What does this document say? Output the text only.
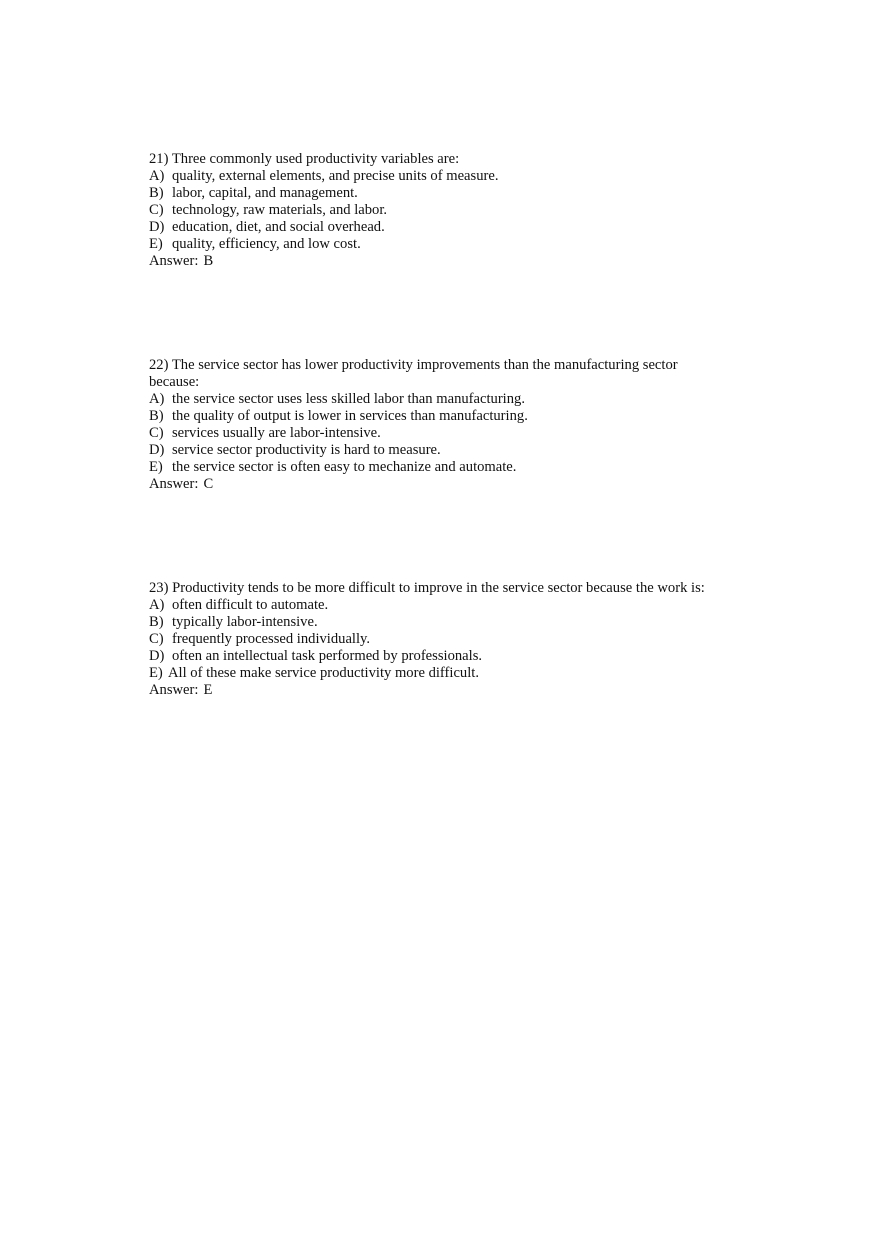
21) Three commonly used productivity variables are:
A) quality, external elements, and precise units of measure.
B) labor, capital, and management.
C) technology, raw materials, and labor.
D) education, diet, and social overhead.
E) quality, efficiency, and low cost.
Answer: B
22) The service sector has lower productivity improvements than the manufacturing sector because:
A) the service sector uses less skilled labor than manufacturing.
B) the quality of output is lower in services than manufacturing.
C) services usually are labor-intensive.
D) service sector productivity is hard to measure.
E) the service sector is often easy to mechanize and automate.
Answer: C
23) Productivity tends to be more difficult to improve in the service sector because the work is:
A) often difficult to automate.
B) typically labor-intensive.
C) frequently processed individually.
D) often an intellectual task performed by professionals.
E) All of these make service productivity more difficult.
Answer: E
